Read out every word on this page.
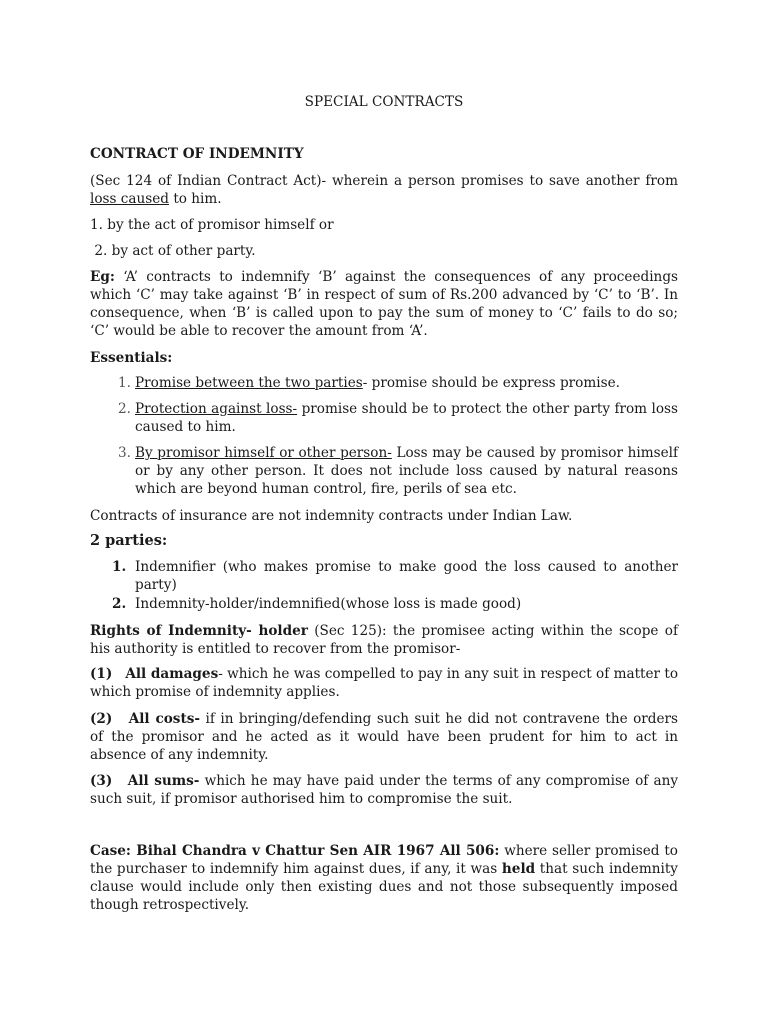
SPECIAL CONTRACTS

CONTRACT OF INDEMNITY

(Sec 124 of Indian Contract Act)- wherein a person promises to save another from loss caused to him.

1. by the act of promisor himself or

2. by act of other party.

Eg: ‘A’ contracts to indemnify ‘B’ against the consequences of any proceedings which ‘C’ may take against ‘B’ in respect of sum of Rs.200 advanced by ‘C’ to ‘B’. In consequence, when ‘B’ is called upon to pay the sum of money to ‘C’ fails to do so; ‘C’ would be able to recover the amount from ‘A’.

Essentials:

1. Promise between the two parties- promise should be express promise.
2. Protection against loss- promise should be to protect the other party from loss caused to him.
3. By promisor himself or other person- Loss may be caused by promisor himself or by any other person. It does not include loss caused by natural reasons which are beyond human control, fire, perils of sea etc.

Contracts of insurance are not indemnity contracts under Indian Law.

2 parties:

1. Indemnifier (who makes promise to make good the loss caused to another party)
2. Indemnity-holder/indemnified(whose loss is made good)

Rights of Indemnity- holder (Sec 125): the promisee acting within the scope of his authority is entitled to recover from the promisor-

(1) All damages- which he was compelled to pay in any suit in respect of matter to which promise of indemnity applies.

(2) All costs- if in bringing/defending such suit he did not contravene the orders of the promisor and he acted as it would have been prudent for him to act in absence of any indemnity.

(3) All sums- which he may have paid under the terms of any compromise of any such suit, if promisor authorised him to compromise the suit.

Case: Bihal Chandra v Chattur Sen AIR 1967 All 506: where seller promised to the purchaser to indemnify him against dues, if any, it was held that such indemnity clause would include only then existing dues and not those subsequently imposed though retrospectively.
